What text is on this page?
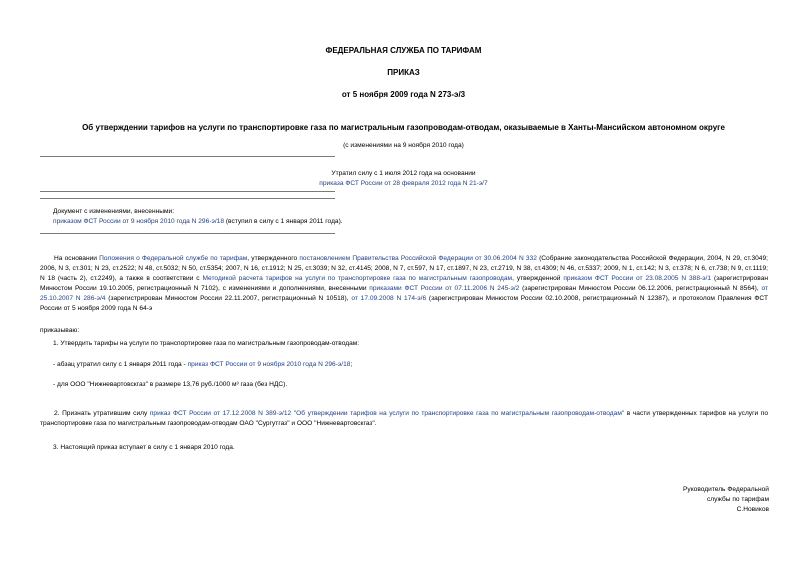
ФЕДЕРАЛЬНАЯ СЛУЖБА ПО ТАРИФАМ
ПРИКАЗ
от 5 ноября 2009 года N 273-э/3
Об утверждении тарифов на услуги по транспортировке газа по магистральным газопроводам-отводам, оказываемые в Ханты-Мансийском автономном округе
(с изменениями на 9 ноября 2010 года)
Утратил силу с 1 июля 2012 года на основании
приказа ФСТ России от 28 февраля 2012 года N 21-э/7
Документ с изменениями, внесенными:
приказом ФСТ России от 9 ноября 2010 года N 296-э/18 (вступил в силу с 1 января 2011 года).
На основании Положения о Федеральной службе по тарифам, утвержденного постановлением Правительства Российской Федерации от 30.06.2004 N 332 (Собрание законодательства Российской Федерации, 2004, N 29, ст.3049; 2006, N 3, ст.301; N 23, ст.2522; N 48, ст.5032; N 50, ст.5354; 2007, N 16, ст.1912; N 25, ст.3039; N 32, ст.4145; 2008, N 7, ст.597, N 17, ст.1897, N 23, ст.2719, N 38, ст.4309; N 46, ст.5337; 2009, N 1, ст.142; N 3, ст.378; N 6, ст.738; N 9, ст.1119; N 18 (часть 2), ст.2249), а также в соответствии с Методикой расчета тарифов на услуги по транспортировке газа по магистральным газопроводам, утвержденной приказом ФСТ России от 23.08.2005 N 388-э/1 (зарегистрирован Минюстом России 19.10.2005, регистрационный N 7102), с изменениями и дополнениями, внесенными приказами ФСТ России от 07.11.2006 N 245-э/2 (зарегистрирован Минюстом России 06.12.2006, регистрационный N 8564), от 25.10.2007 N 286-э/4 (зарегистрирован Минюстом России 22.11.2007, регистрационный N 10518), от 17.09.2008 N 174-э/6 (зарегистрирован Минюстом России 02.10.2008, регистрационный N 12387), и протоколом Правления ФСТ России от 5 ноября 2009 года N 64-э
приказываю:
1. Утвердить тарифы на услуги по транспортировке газа по магистральным газопроводам-отводам:
- абзац утратил силу с 1 января 2011 года - приказ ФСТ России от 9 ноября 2010 года N 296-э/18;
- для ООО "Нижневартовскгаз" в размере 13,76 руб./1000 м³ газа (без НДС).
2. Признать утратившим силу приказ ФСТ России от 17.12.2008 N 389-э/12 "Об утверждении тарифов на услуги по транспортировке газа по магистральным газопроводам-отводам" в части утвержденных тарифов на услуги по транспортировке газа по магистральным газопроводам-отводам ОАО "Сургутгаз" и ООО "Нижневартовскгаз".
3. Настоящий приказ вступает в силу с 1 января 2010 года.
Руководитель Федеральной
службы по тарифам
С.Новиков
